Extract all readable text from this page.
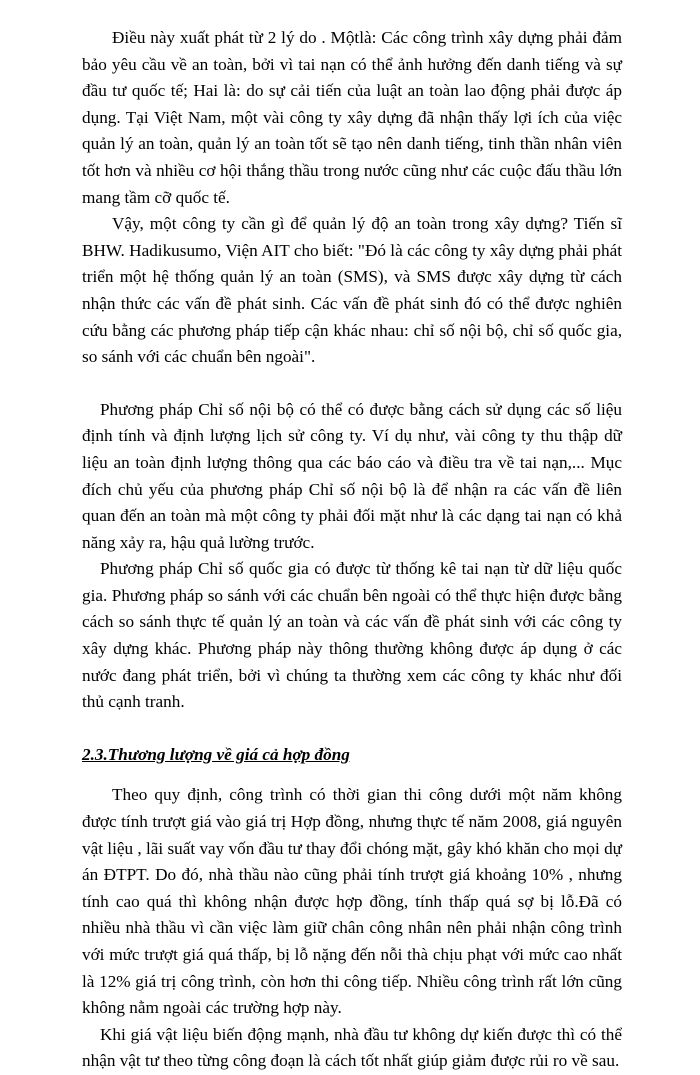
Điều này xuất phát từ 2 lý do . Mộtlà: Các công trình xây dựng phải đảm bảo yêu cầu về an toàn, bởi vì tai nạn có thể ảnh hưởng đến danh tiếng và sự đầu tư quốc tế; Hai là: do sự cải tiến của luật an toàn lao động phải được áp dụng. Tại Việt Nam, một vài công ty xây dựng đã nhận thấy lợi ích của việc quản lý an toàn, quản lý an toàn tốt sẽ tạo nên danh tiếng, tinh thần nhân viên tốt hơn và nhiều cơ hội thắng thầu trong nước cũng như các cuộc đấu thầu lớn mang tầm cỡ quốc tế.

Vậy, một công ty cần gì để quản lý độ an toàn trong xây dựng? Tiến sĩ BHW. Hadikusumo, Viện AIT cho biết: "Đó là các công ty xây dựng phải phát triển một hệ thống quản lý an toàn (SMS), và SMS được xây dựng từ cách nhận thức các vấn đề phát sinh. Các vấn đề phát sinh đó có thể được nghiên cứu bằng các phương pháp tiếp cận khác nhau: chỉ số nội bộ, chỉ số quốc gia, so sánh với các chuẩn bên ngoài".

Phương pháp Chỉ số nội bộ có thể có được bằng cách sử dụng các số liệu định tính và định lượng lịch sử công ty. Ví dụ như, vài công ty thu thập dữ liệu an toàn định lượng thông qua các báo cáo và điều tra về tai nạn,... Mục đích chủ yếu của phương pháp Chỉ số nội bộ là để nhận ra các vấn đề liên quan đến an toàn mà một công ty phải đối mặt như là các dạng tai nạn có khả năng xảy ra, hậu quả lường trước.

Phương pháp Chỉ số quốc gia có được từ thống kê tai nạn từ dữ liệu quốc gia. Phương pháp so sánh với các chuẩn bên ngoài có thể thực hiện được bằng cách so sánh thực tế quản lý an toàn và các vấn đề phát sinh với các công ty xây dựng khác. Phương pháp này thông thường không được áp dụng ở các nước đang phát triển, bởi vì chúng ta thường xem các công ty khác như đối thủ cạnh tranh.

2.3.Thương lượng về giá cả hợp đồng

Theo quy định, công trình có thời gian thi công dưới một năm không được tính trượt giá vào giá trị Hợp đồng, nhưng thực tế năm 2008, giá nguyên vật liệu , lãi suất vay vốn đầu tư thay đổi chóng mặt, gây khó khăn cho mọi dự án ĐTPT. Do đó, nhà thầu nào cũng phải tính trượt giá khoảng 10% , nhưng tính cao quá thì không nhận được hợp đồng, tính thấp quá sợ bị lỗ.Đã có nhiều nhà thầu vì cần việc làm giữ chân công nhân nên phải nhận công trình với mức trượt giá quá thấp, bị lỗ nặng đến nỗi thà chịu phạt với mức cao nhất là 12% giá trị công trình, còn hơn thi công tiếp. Nhiều công trình rất lớn cũng không nằm ngoài các trường hợp này.

Khi giá vật liệu biến động mạnh, nhà đầu tư không dự kiến được thì có thể nhận vật tư theo từng công đoạn là cách tốt nhất giúp giảm được rủi ro về sau.
